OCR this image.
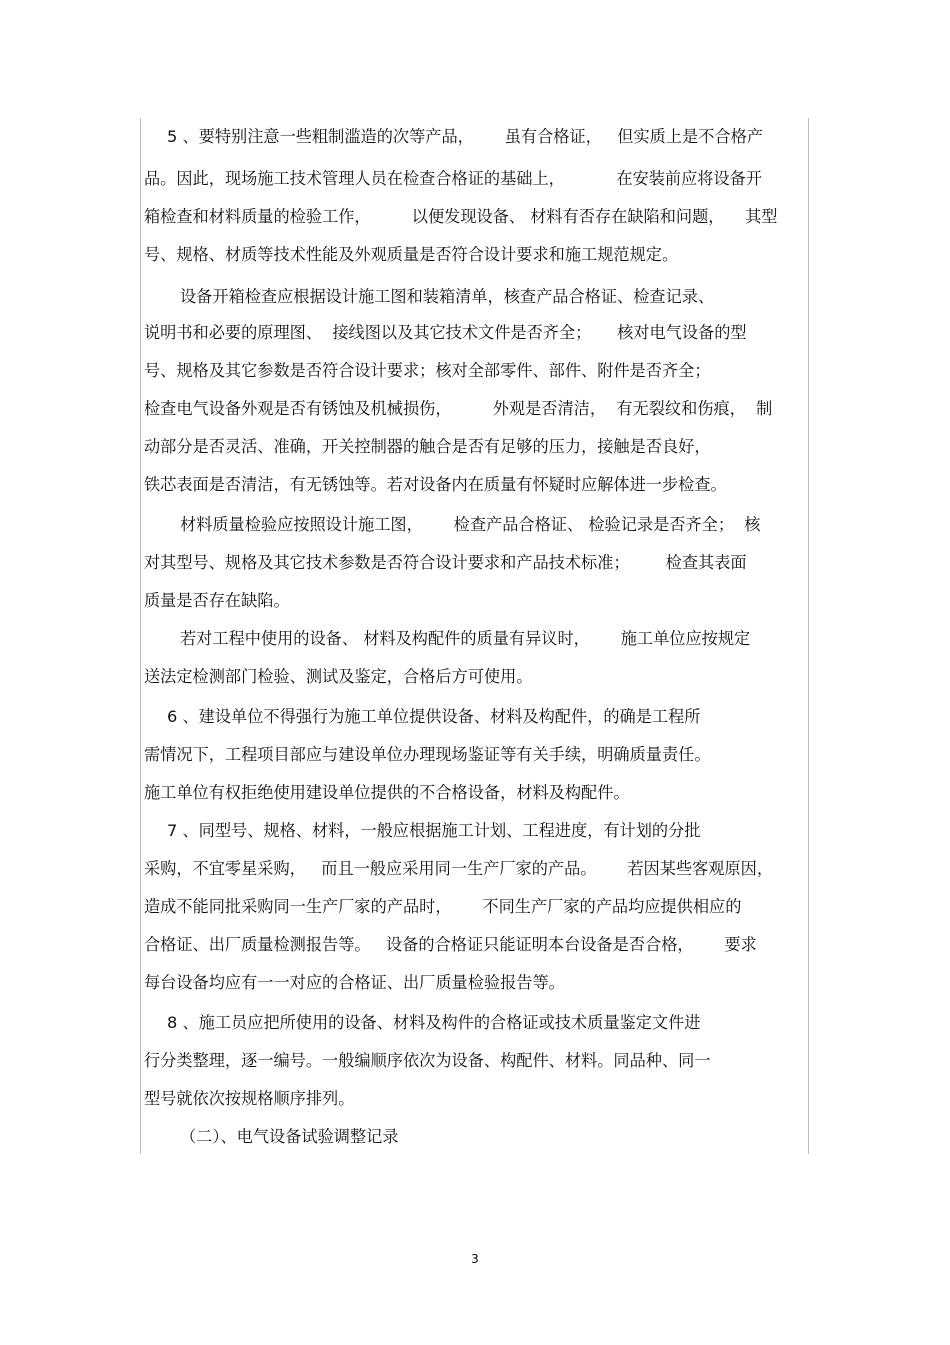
5 、要特别注意一些粗制滥造的次等产品，      虽有合格证，   但实质上是不合格产
品。因此，现场施工技术管理人员在检查合格证的基础上，          在安装前应将设备开
箱检查和材料质量的检验工作，        以便发现设备、 材料有否存在缺陷和问题，    其型
号、规格、材质等技术性能及外观质量是否符合设计要求和施工规范规定。
设备开箱检查应根据设计施工图和装箱清单，核查产品合格证、检查记录、
说明书和必要的原理图、  接线图以及其它技术文件是否齐全；     核对电气设备的型
号、规格及其它参数是否符合设计要求；核对全部零件、部件、附件是否齐全；
检查电气设备外观是否有锈蚀及机械损伤，        外观是否清洁，  有无裂纹和伤痕，  制
动部分是否灵活、准确，开关控制器的触合是否有足够的压力，接触是否良好，
铁芯表面是否清洁，有无锈蚀等。若对设备内在质量有怀疑时应解体进一步检查。
材料质量检验应按照设计施工图，      检查产品合格证、 检验记录是否齐全；  核
对其型号、规格及其它技术参数是否符合设计要求和产品技术标准；       检查其表面
质量是否存在缺陷。
若对工程中使用的设备、 材料及构配件的质量有异议时，      施工单位应按规定
送法定检测部门检验、测试及鉴定，合格后方可使用。
6 、建设单位不得强行为施工单位提供设备、材料及构配件，的确是工程所
需情况下，工程项目部应与建设单位办理现场鉴证等有关手续，明确质量责任。
施工单位有权拒绝使用建设单位提供的不合格设备，材料及构配件。
7 、同型号、规格、材料，一般应根据施工计划、工程进度，有计划的分批
采购，不宜零星采购，   而且一般应采用同一生产厂家的产品。      若因某些客观原因，
造成不能同批采购同一生产厂家的产品时，      不同生产厂家的产品均应提供相应的
合格证、出厂质量检测报告等。   设备的合格证只能证明本台设备是否合格，      要求
每台设备均应有一一对应的合格证、出厂质量检验报告等。
8 、施工员应把所使用的设备、材料及构件的合格证或技术质量鉴定文件进
行分类整理，逐一编号。一般编顺序依次为设备、构配件、材料。同品种、同一
型号就依次按规格顺序排列。
（二）、电气设备试验调整记录
3
